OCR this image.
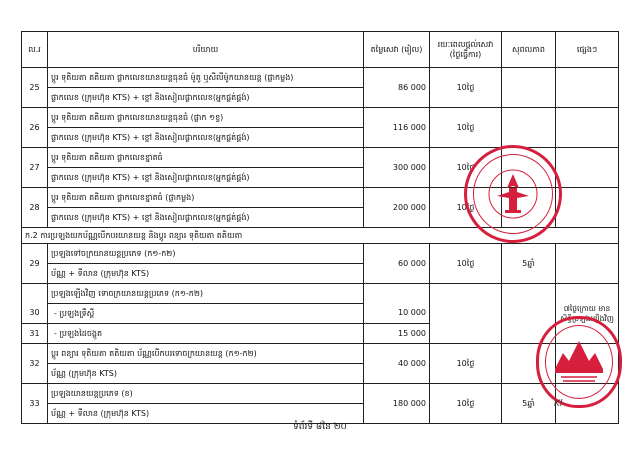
ល.រ	បរិយាយ	តម្លៃសេវា (រៀល)	រយៈពេលផ្តល់សេវា (ថ្ងៃធ្វើការ)	សុពលភាព	ផ្សេងៗ
25	ប្តូរ ទុតិយតា តតិយតា ផ្លាកលេខយានយន្តធុនធំ ម៉ូតូ ឬសីលីម៉ូកយានយន្ត (ផ្លាកម្លង)	86 000	10ថ្ងៃ		
	ផ្លាកលេខ (ក្រុមហ៊ុន KTS) + ខ្ចៅ និងសៀលផ្លាកលេខ(អ្នកផ្គត់ផ្គង់)				
26	ប្តូរ ទុតិយតា តតិយតា ផ្លាកលេខយានយន្តធុនធំ (ផ្លាក ១ខ្ទ)	116 000	10ថ្ងៃ		
	ផ្លាកលេខ (ក្រុមហ៊ុន KTS) + ខ្ចៅ និងសៀលផ្លាកលេខ(អ្នកផ្គត់ផ្គង់)				
27	ប្តូរ ទុតិយតា តតិយតា ផ្លាកលេខខ្នាតធំ	300 000	10ថ្ងៃ		
	ផ្លាកលេខ (ក្រុមហ៊ុន KTS) + ខ្ចៅ និងសៀលផ្លាកលេខ(អ្នកផ្គត់ផ្គង់)				
28	ប្តូរ ទុតិយតា តតិយតា ផ្លាកលេខខ្នាតធំ (ផ្លាកម្លង)	200 000	10ថ្ងៃ		
	ផ្លាកលេខ (ក្រុមហ៊ុន KTS) + ខ្ចៅ និងសៀលផ្លាកលេខ(អ្នកផ្គត់ផ្គង់)				
ក.2 ការប្រឡងយកប័ណ្ណបើកបរយានយន្ត និងប្តូរ ពន្យារ ទុតិយតា តតិយតា					
29	ប្រឡងទៅចក្រយានយន្តប្រភេទ (ក១-ក២)	60 000	10ថ្ងៃ	5ឆ្នាំ	
	ប័ណ្ណ + ទីលាន (ក្រុមហ៊ុន KTS)				
	ប្រឡងឡើងវិញ ទោចក្រយានយន្តប្រភេទ (ក១-ក២)				៧ថ្ងៃក្រោយ មាន សិទ្ធិប្រឡងឡើងវិញ
30	- ប្រឡងទ្រឹស្តី	10 000			
31	- ប្រឡងដៃចង្កូត	15 000			
32	ប្តូរ ពន្យារ ទុតិយតា តតិយតា ប័ណ្ណបើកបរទោចក្រយានយន្ត (ក១-ក២)	40 000	10ថ្ងៃ		
	ប័ណ្ណ (ក្រុមហ៊ុន KTS)				
33	ប្រឡងយានយន្តប្រភេទ (ខ)	180 000	10ថ្ងៃ	5ឆ្នាំ	
	ប័ណ្ណ + ទីលាន (ក្រុមហ៊ុន KTS)				
Kl
ទំព័រទី ៨នៃ ២០
